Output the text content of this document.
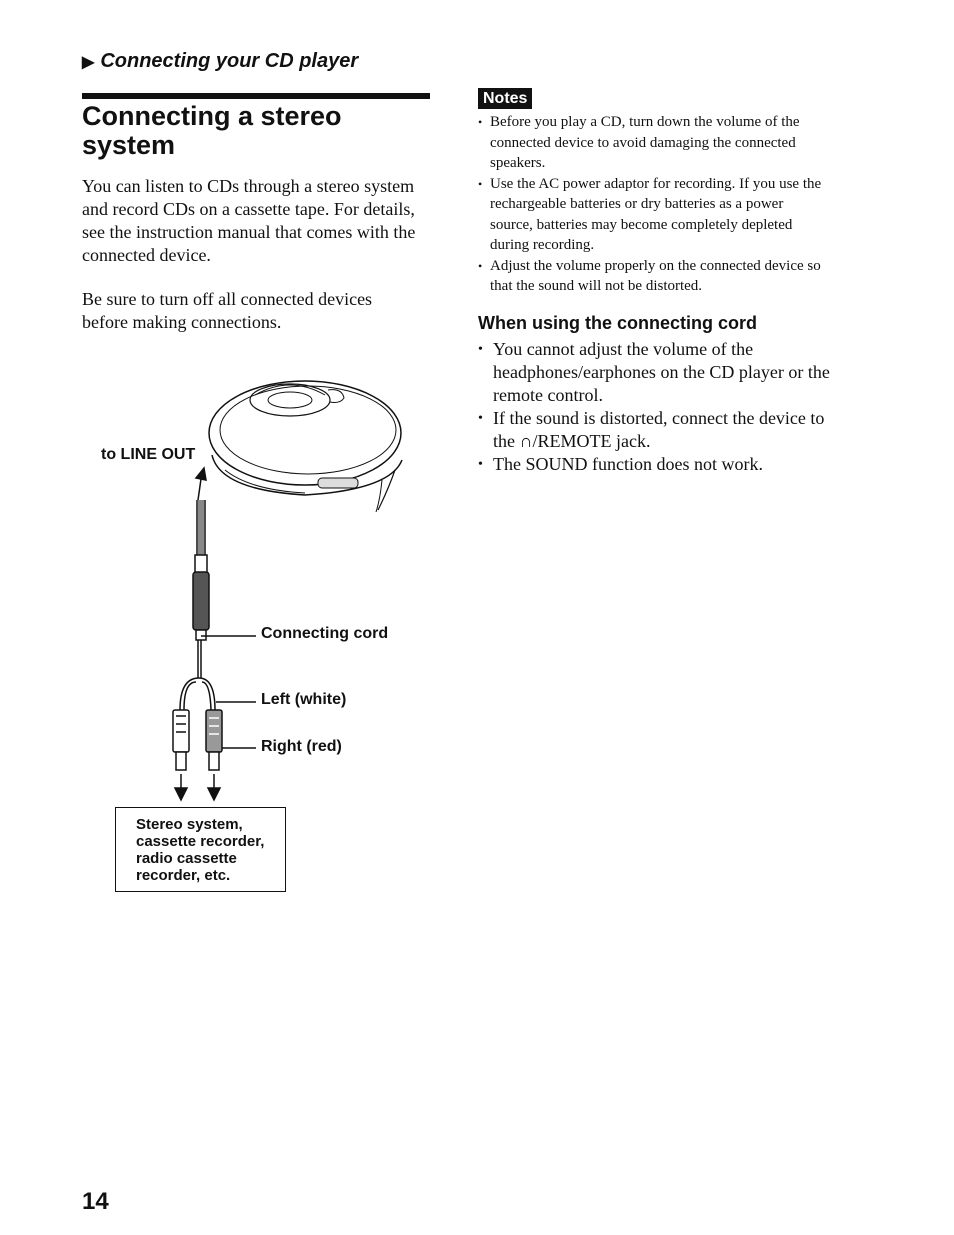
▶ Connecting your CD player
Connecting a stereo system

You can listen to CDs through a stereo system and record CDs on a cassette tape. For details, see the instruction manual that comes with the connected device.

Be sure to turn off all connected devices before making connections.

to LINE OUT
Connecting cord
Left (white)
Right (red)
Stereo system, cassette recorder, radio cassette recorder, etc.
Notes
• Before you play a CD, turn down the volume of the connected device to avoid damaging the connected speakers.
• Use the AC power adaptor for recording. If you use the rechargeable batteries or dry batteries as a power source, batteries may become completely depleted during recording.
• Adjust the volume properly on the connected device so that the sound will not be distorted.
When using the connecting cord
• You cannot adjust the volume of the headphones/earphones on the CD player or the remote control.
• If the sound is distorted, connect the device to the ∩/REMOTE jack.
• The SOUND function does not work.
14
